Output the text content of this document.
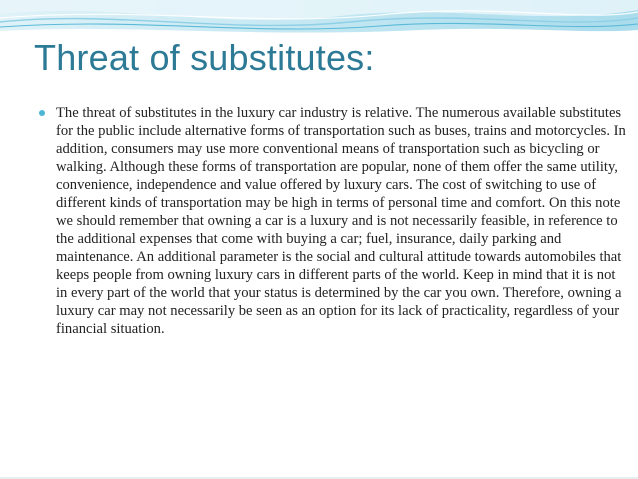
Threat of substitutes:

The threat of substitutes in the luxury car industry is relative. The numerous available substitutes for the public include alternative forms of transportation such as buses, trains and motorcycles. In addition, consumers may use more conventional means of transportation such as bicycling or walking. Although these forms of transportation are popular, none of them offer the same utility, convenience, independence and value offered by luxury cars. The cost of switching to use of different kinds of transportation may be high in terms of personal time and comfort. On this note we should remember that owning a car is a luxury and is not necessarily feasible, in reference to the additional expenses that come with buying a car; fuel, insurance, daily parking and maintenance. An additional parameter is the social and cultural attitude towards automobiles that keeps people from owning luxury cars in different parts of the world. Keep in mind that it is not in every part of the world that your status is determined by the car you own. Therefore, owning a luxury car may not necessarily be seen as an option for its lack of practicality, regardless of your financial situation.
